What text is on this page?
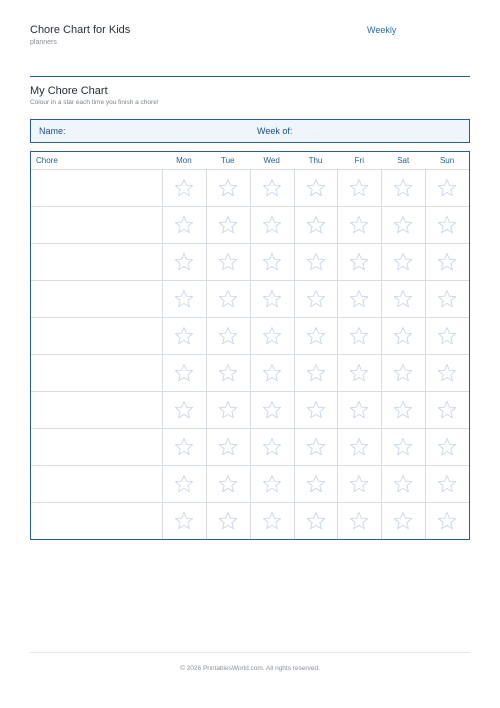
Chore Chart for Kids
planners
Weekly
My Chore Chart
Colour in a star each time you finish a chore!
Name:	Week of:
Chore	Mon	Tue	Wed	Thu	Fri	Sat	Sun
© 2026 PrintablesWorld.com. All rights reserved.
